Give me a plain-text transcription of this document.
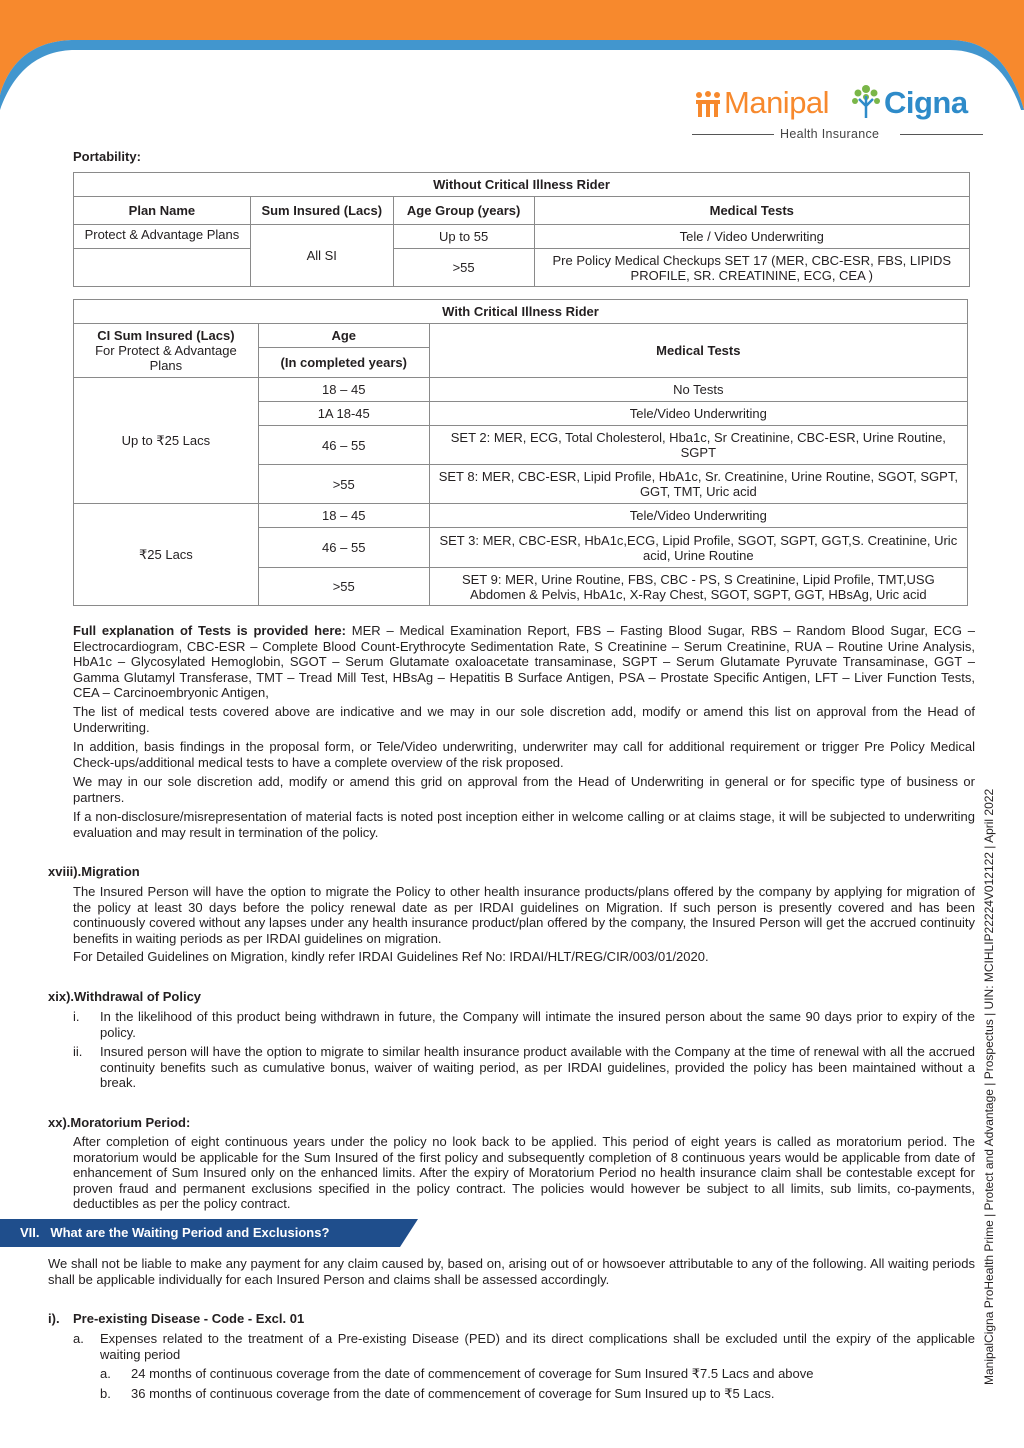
Manipal Cigna
Health Insurance
ManipalCigna ProHealth Prime | Protect and Advantage | Prospectus | UIN: MCIHLIP22224V012122 | April 2022
Portability:
Without Critical Illness Rider			
Plan Name	Sum Insured (Lacs)	Age Group (years)	Medical Tests
Protect & Advantage Plans	All SI	Up to 55	Tele / Video Underwriting
		>55	Pre Policy Medical Checkups SET 17 (MER, CBC-ESR, FBS, LIPIDS PROFILE, SR. CREATININE, ECG, CEA )
With Critical Illness Rider		

CI Sum Insured (Lacs)
For Protect & Advantage Plans	Age	Medical Tests
	(In completed years)	
Up to ₹25 Lacs	18 – 45	No Tests
	1A 18-45	Tele/Video Underwriting
	46 – 55	SET 2: MER, ECG, Total Cholesterol, Hba1c, Sr Creatinine, CBC-ESR, Urine Routine, SGPT
	>55	SET 8: MER, CBC-ESR, Lipid Profile, HbA1c, Sr. Creatinine, Urine Routine, SGOT, SGPT, GGT, TMT, Uric acid
₹25 Lacs	18 – 45	Tele/Video Underwriting
	46 – 55	SET 3: MER, CBC-ESR, HbA1c,ECG, Lipid Profile, SGOT, SGPT, GGT,S. Creatinine, Uric acid, Urine Routine
	>55	SET 9: MER, Urine Routine, FBS, CBC - PS, S Creatinine, Lipid Profile, TMT,USG Abdomen & Pelvis, HbA1c, X-Ray Chest, SGOT, SGPT, GGT, HBsAg, Uric acid
Full explanation of Tests is provided here: MER – Medical Examination Report, FBS – Fasting Blood Sugar, RBS – Random Blood Sugar, ECG – Electrocardiogram, CBC-ESR – Complete Blood Count-Erythrocyte Sedimentation Rate, S Creatinine – Serum Creatinine, RUA – Routine Urine Analysis, HbA1c – Glycosylated Hemoglobin, SGOT – Serum Glutamate oxaloacetate transaminase, SGPT – Serum Glutamate Pyruvate Transaminase, GGT – Gamma Glutamyl Transferase, TMT – Tread Mill Test, HBsAg – Hepatitis B Surface Antigen, PSA – Prostate Specific Antigen, LFT – Liver Function Tests, CEA – Carcinoembryonic Antigen,
The list of medical tests covered above are indicative and we may in our sole discretion add, modify or amend this list on approval from the Head of Underwriting.
In addition, basis findings in the proposal form, or Tele/Video underwriting, underwriter may call for additional requirement or trigger Pre Policy Medical Check-ups/additional medical tests to have a complete overview of the risk proposed.
We may in our sole discretion add, modify or amend this grid on approval from the Head of Underwriting in general or for specific type of business or partners.
If a non-disclosure/misrepresentation of material facts is noted post inception either in welcome calling or at claims stage, it will be subjected to underwriting evaluation and may result in termination of the policy.
xviii).Migration
The Insured Person will have the option to migrate the Policy to other health insurance products/plans offered by the company by applying for migration of the policy at least 30 days before the policy renewal date as per IRDAI guidelines on Migration. If such person is presently covered and has been continuously covered without any lapses under any health insurance product/plan offered by the company, the Insured Person will get the accrued continuity benefits in waiting periods as per IRDAI guidelines on migration.
For Detailed Guidelines on Migration, kindly refer IRDAI Guidelines Ref No: IRDAI/HLT/REG/CIR/003/01/2020.
xix).Withdrawal of Policy
i. In the likelihood of this product being withdrawn in future, the Company will intimate the insured person about the same 90 days prior to expiry of the policy.
ii. Insured person will have the option to migrate to similar health insurance product available with the Company at the time of renewal with all the accrued continuity benefits such as cumulative bonus, waiver of waiting period, as per IRDAI guidelines, provided the policy has been maintained without a break.
xx).Moratorium Period:
After completion of eight continuous years under the policy no look back to be applied. This period of eight years is called as moratorium period. The moratorium would be applicable for the Sum Insured of the first policy and subsequently completion of 8 continuous years would be applicable from date of enhancement of Sum Insured only on the enhanced limits. After the expiry of Moratorium Period no health insurance claim shall be contestable except for proven fraud and permanent exclusions specified in the policy contract. The policies would however be subject to all limits, sub limits, co-payments, deductibles as per the policy contract.
VII.   What are the Waiting Period and Exclusions?
We shall not be liable to make any payment for any claim caused by, based on, arising out of or howsoever attributable to any of the following. All waiting periods shall be applicable individually for each Insured Person and claims shall be assessed accordingly.
i). Pre-existing Disease - Code - Excl. 01
a. Expenses related to the treatment of a Pre-existing Disease (PED) and its direct complications shall be excluded until the expiry of the applicable waiting period
a. 24 months of continuous coverage from the date of commencement of coverage for Sum Insured ₹7.5 Lacs and above
b. 36 months of continuous coverage from the date of commencement of coverage for Sum Insured up to ₹5 Lacs.
